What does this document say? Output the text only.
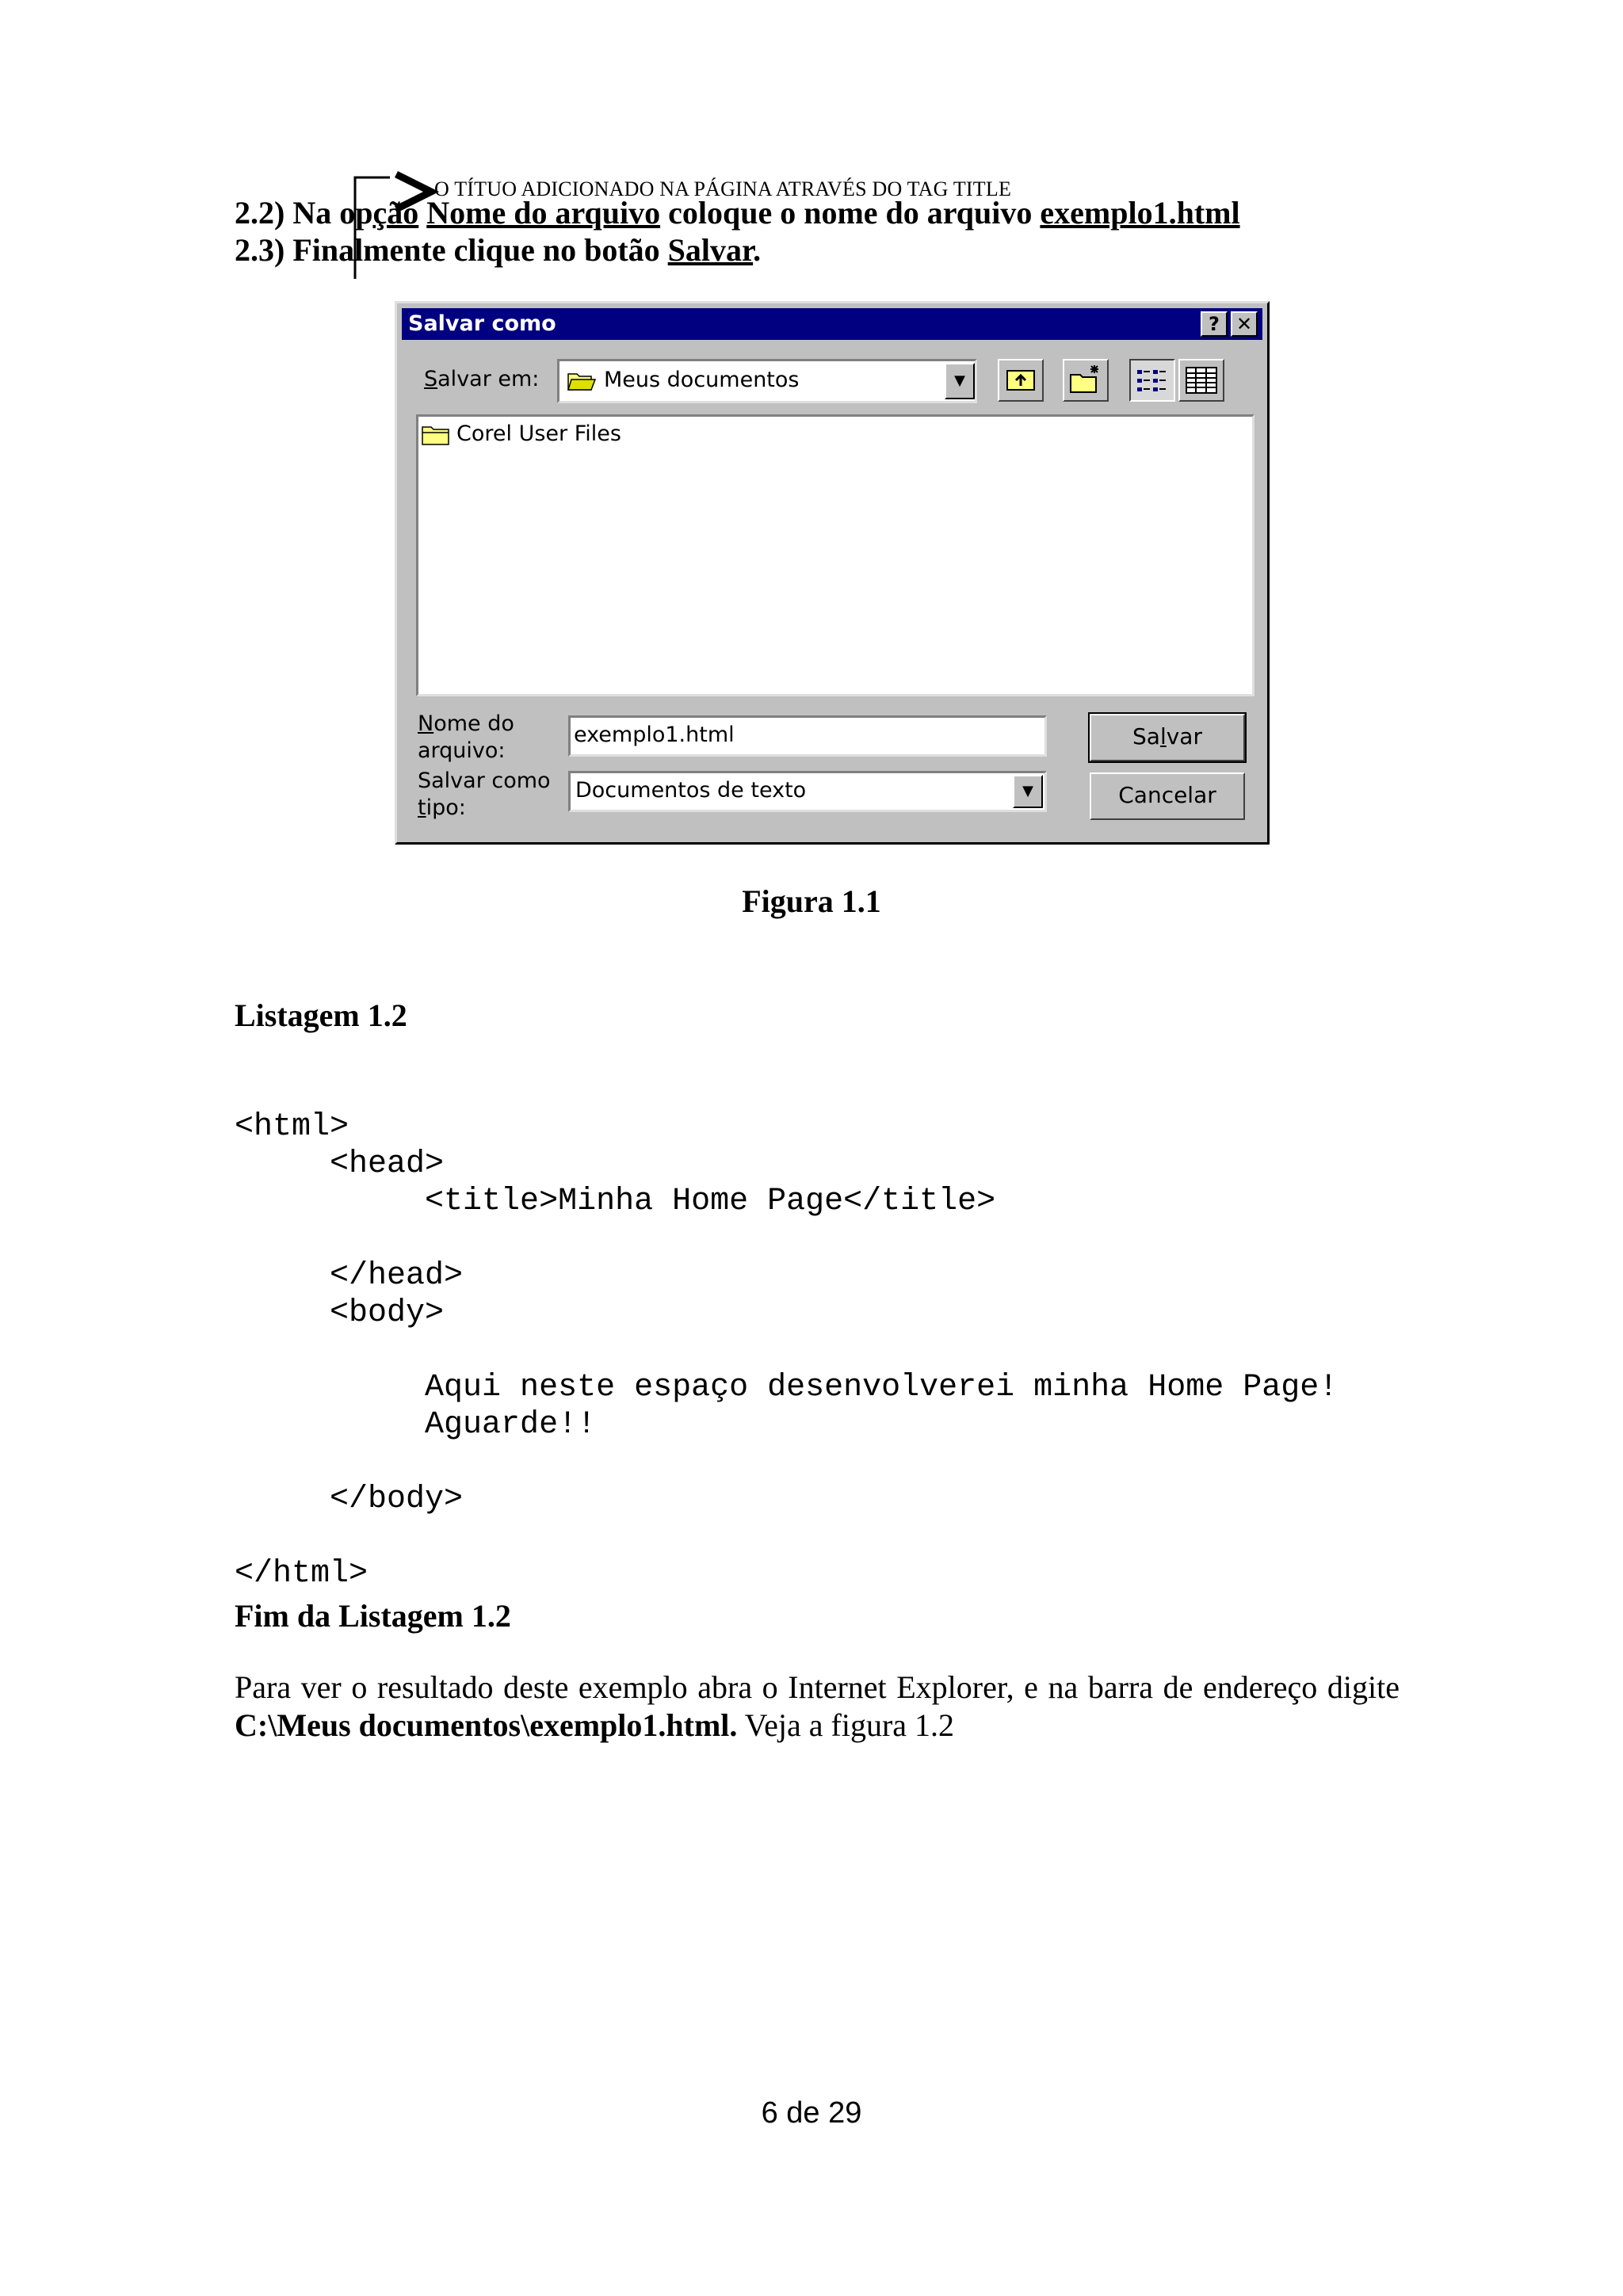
O TÍTUO ADICIONADO NA PÁGINA ATRAVÉS DO TAG TITLE
2.2) Na opção Nome do arquivo coloque o nome do arquivo exemplo1.html
2.3) Finalmente clique no botão Salvar.
Salvar como	? ✕
Salvar em:	Meus documentos	▼
Corel User Files
Nome do
arquivo:
exemplo1.html	Salvar
Salvar como
tipo:
Documentos de texto	▼	Cancelar
Figura 1.1
Listagem 1.2

<html>
<head>
<title>Minha Home Page</title>
</head>
<body>
Aqui neste espaço desenvolverei minha Home Page!
Aguarde!!
</body>
</html>

Fim da Listagem 1.2
Para ver o resultado deste exemplo abra o Internet Explorer, e na barra de endereço digite C:\Meus documentos\exemplo1.html. Veja a figura 1.2
6 de 29
